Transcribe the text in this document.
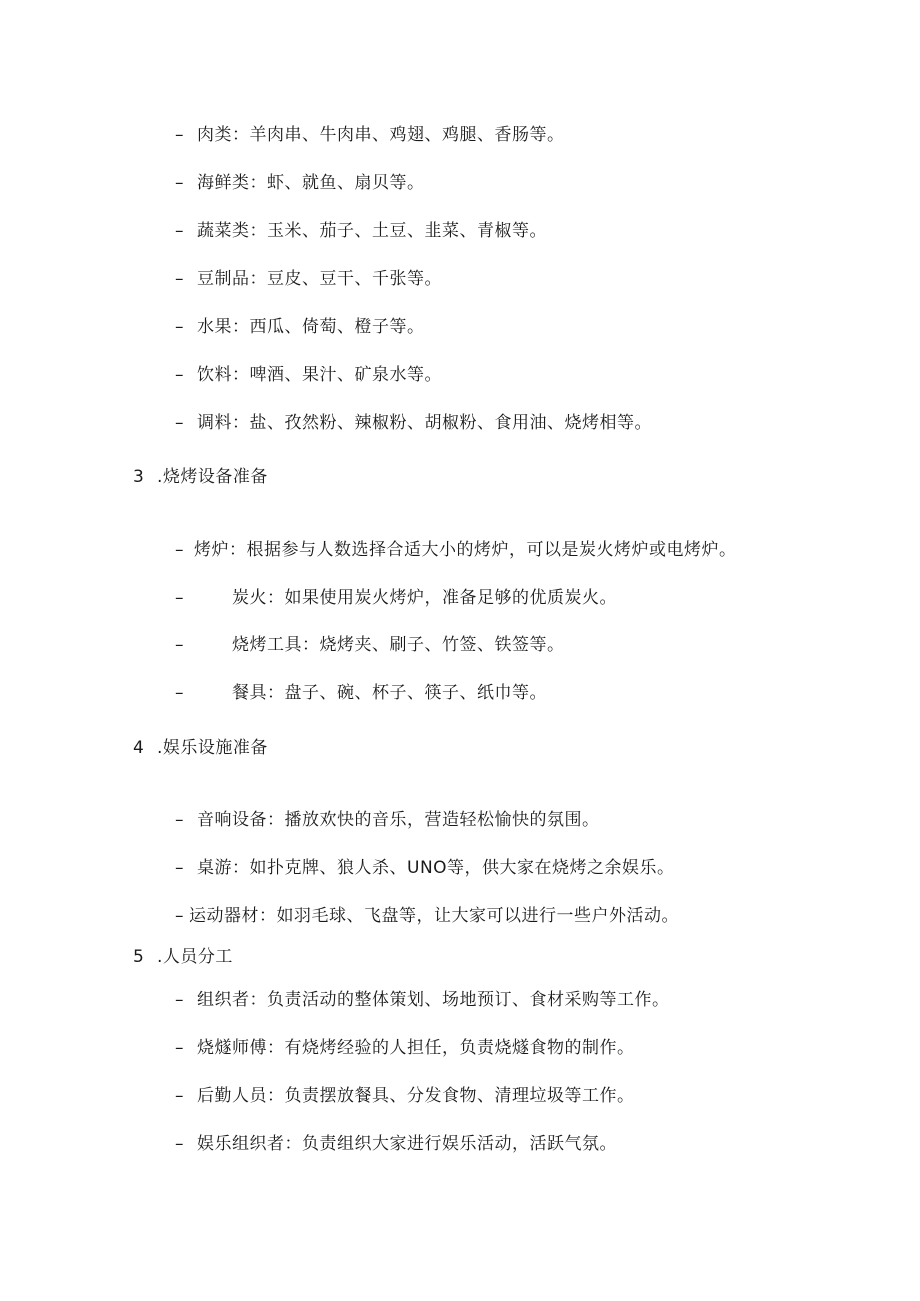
– 肉类：羊肉串、牛肉串、鸡翅、鸡腿、香肠等。
– 海鲜类：虾、就鱼、扇贝等。
– 蔬菜类：玉米、茄子、土豆、韭菜、青椒等。
– 豆制品：豆皮、豆干、千张等。
– 水果：西瓜、倚萄、橙子等。
– 饮料：啤酒、果汁、矿泉水等。
– 调料：盐、孜然粉、辣椒粉、胡椒粉、食用油、烧烤相等。
3 .烧烤设备准备
– 烤炉：根据参与人数选择合适大小的烤炉，可以是炭火烤炉或电烤炉。
–	炭火：如果使用炭火烤炉，准备足够的优质炭火。
–	烧烤工具：烧烤夹、刷子、竹签、铁签等。
–	餐具：盘子、碗、杯子、筷子、纸巾等。
4 .娱乐设施准备
– 音响设备：播放欢快的音乐，营造轻松愉快的氛围。
– 桌游：如扑克牌、狼人杀、UNO等，供大家在烧烤之余娱乐。
– 运动器材：如羽毛球、飞盘等，让大家可以进行一些户外活动。
5 .人员分工
– 组织者：负责活动的整体策划、场地预订、食材采购等工作。
– 烧燧师傅：有烧烤经验的人担任，负责烧燧食物的制作。
– 后勤人员：负责摆放餐具、分发食物、清理垃圾等工作。
– 娱乐组织者：负责组织大家进行娱乐活动，活跃气氛。
